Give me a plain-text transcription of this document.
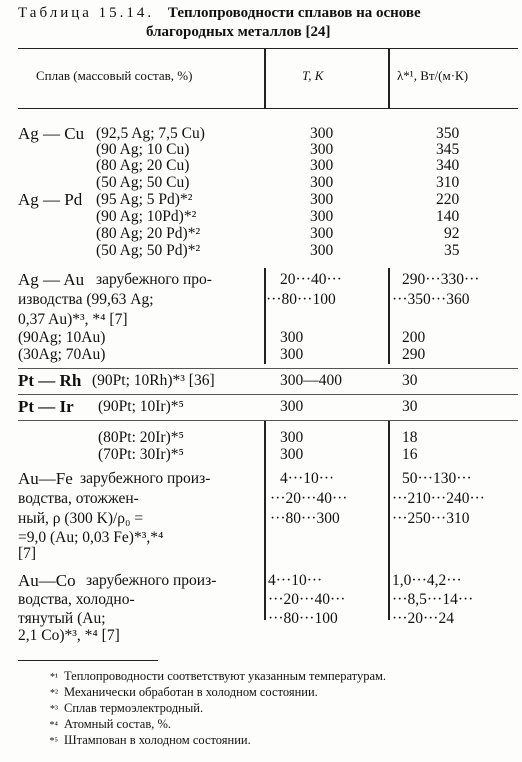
Таблица 15.14. Теплопроводности сплавов на основе
благородных металлов [24]
Сплав (массовый состав, %)	T, K	λ*¹, Вт/(м·К)
Ag — Cu (92,5 Ag; 7,5 Cu)	300	350
(90 Ag; 10 Cu)	300	345
(80 Ag; 20 Cu)	300	340
(50 Ag; 50 Cu)	300	310
Ag — Pd (95 Ag; 5 Pd)*²	300	220
(90 Ag; 10Pd)*²	300	140
(80 Ag; 20 Pd)*²	300	92
(50 Ag; 50 Pd)*²	300	35
Ag — Au зарубежного про-	20···40···	290···330···
изводства (99,63 Ag;	···80···100	···350···360
0,37 Au)*³, *⁴ [7]
(90Ag; 10Au)	300	200
(30Ag; 70Au)	300	290
Pt — Rh (90Pt; 10Rh)*³ [36]	300—400	30
Pt — Ir (90Pt; 10Ir)*⁵	300	30
(80Pt: 20Ir)*⁵	300	18
(70Pt: 30Ir)*⁵	300	16
Au—Fe зарубежного произ-	4···10···	50···130···
водства, отожжен-	···20···40···	···210···240···
ный, ρ (300 K)/ρ₀ =	···80···300	···250···310
=9,0 (Au; 0,03 Fe)*³,*⁴
[7]
Au—Co зарубежного произ-	4···10···	1,0···4,2···
водства, холодно-	···20···40···	···8,5···14···
тянутый (Au;	···80···100	···20···24
2,1 Co)*³, *⁴ [7]
*¹ Теплопроводности соответствуют указанным температурам.
*² Механически обработан в холодном состоянии.
*³ Сплав термоэлектродный.
*⁴ Атомный состав, %.
*⁵ Штампован в холодном состоянии.
